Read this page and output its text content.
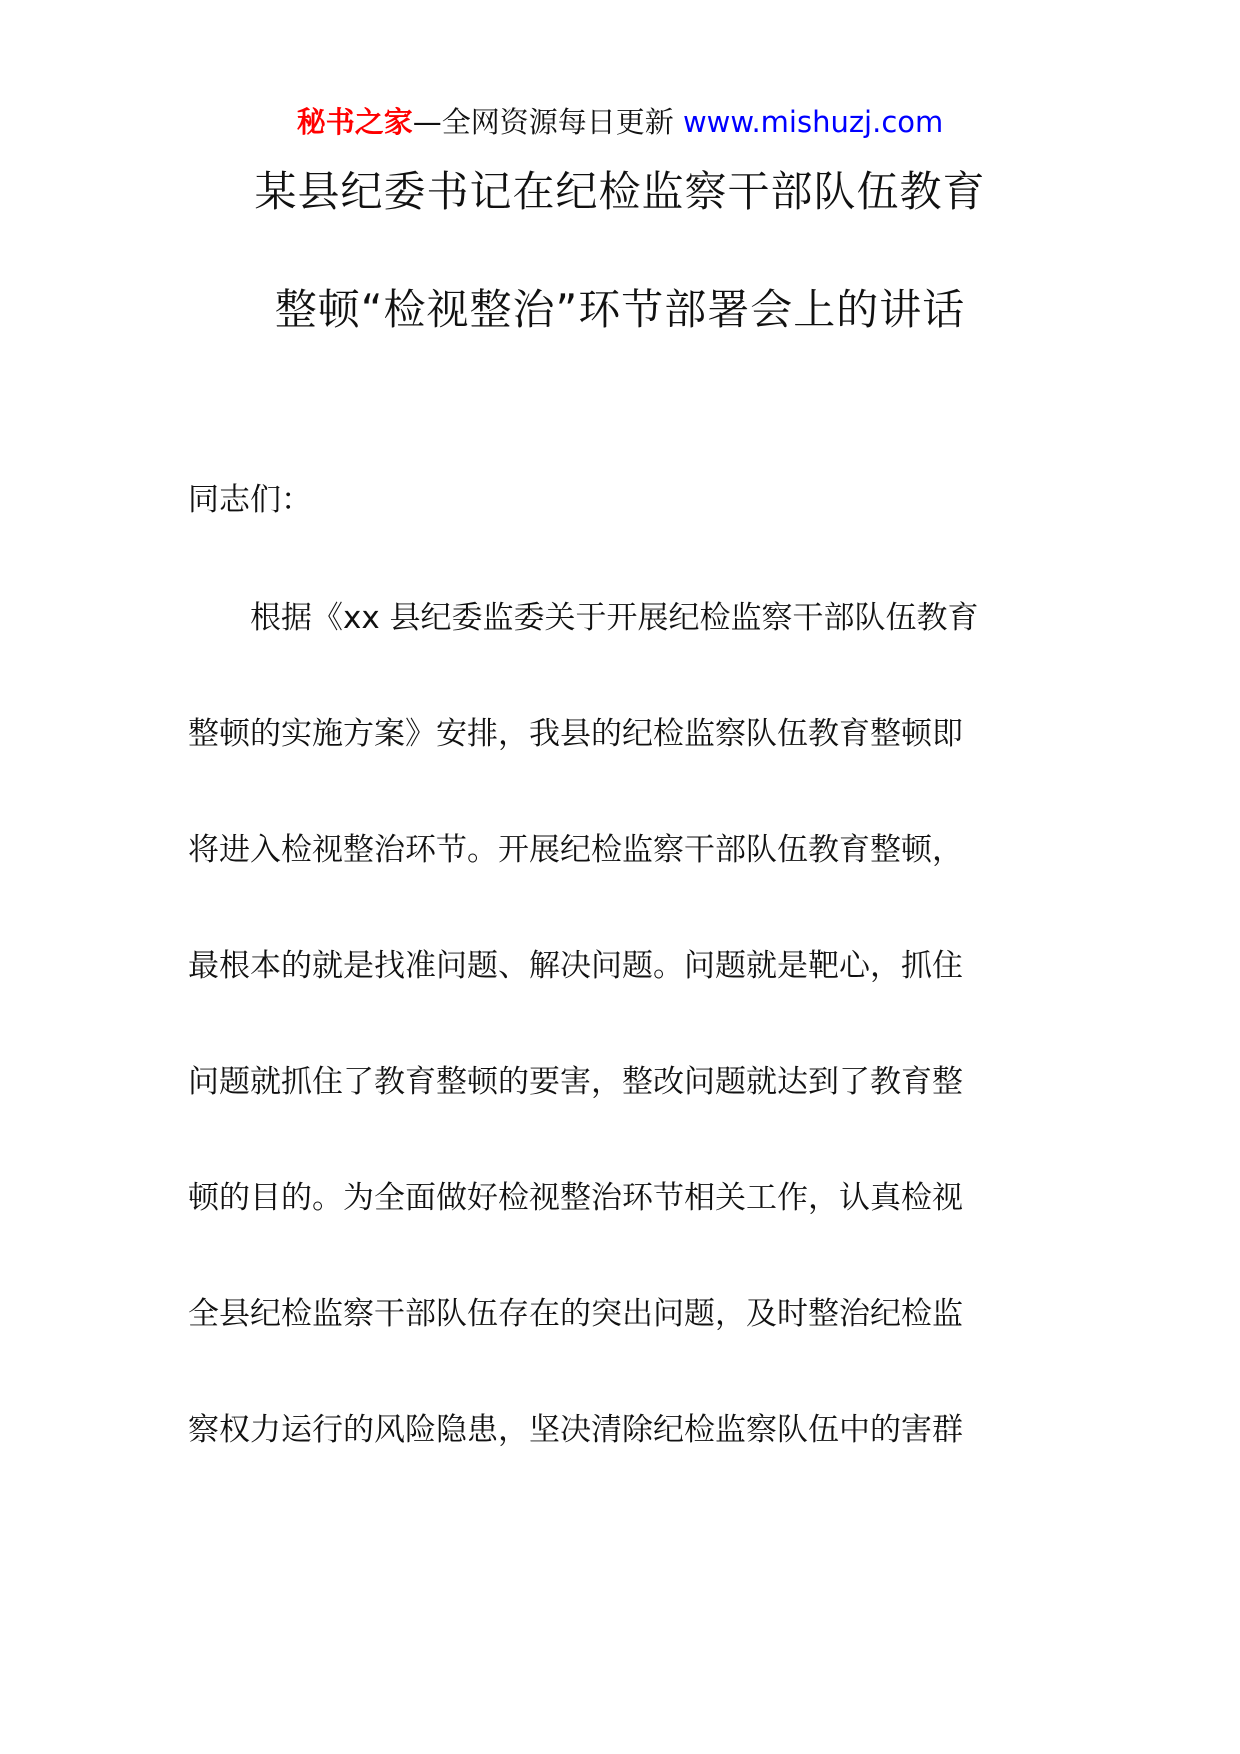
秘书之家—全网资源每日更新 www.mishuzj.com
某县纪委书记在纪检监察干部队伍教育
整顿“检视整治”环节部署会上的讲话
同志们：
　　根据《xx 县纪委监委关于开展纪检监察干部队伍教育
整顿的实施方案》安排，我县的纪检监察队伍教育整顿即
将进入检视整治环节。开展纪检监察干部队伍教育整顿，
最根本的就是找准问题、解决问题。问题就是靶心，抓住
问题就抓住了教育整顿的要害，整改问题就达到了教育整
顿的目的。为全面做好检视整治环节相关工作，认真检视
全县纪检监察干部队伍存在的突出问题，及时整治纪检监
察权力运行的风险隐患，坚决清除纪检监察队伍中的害群
